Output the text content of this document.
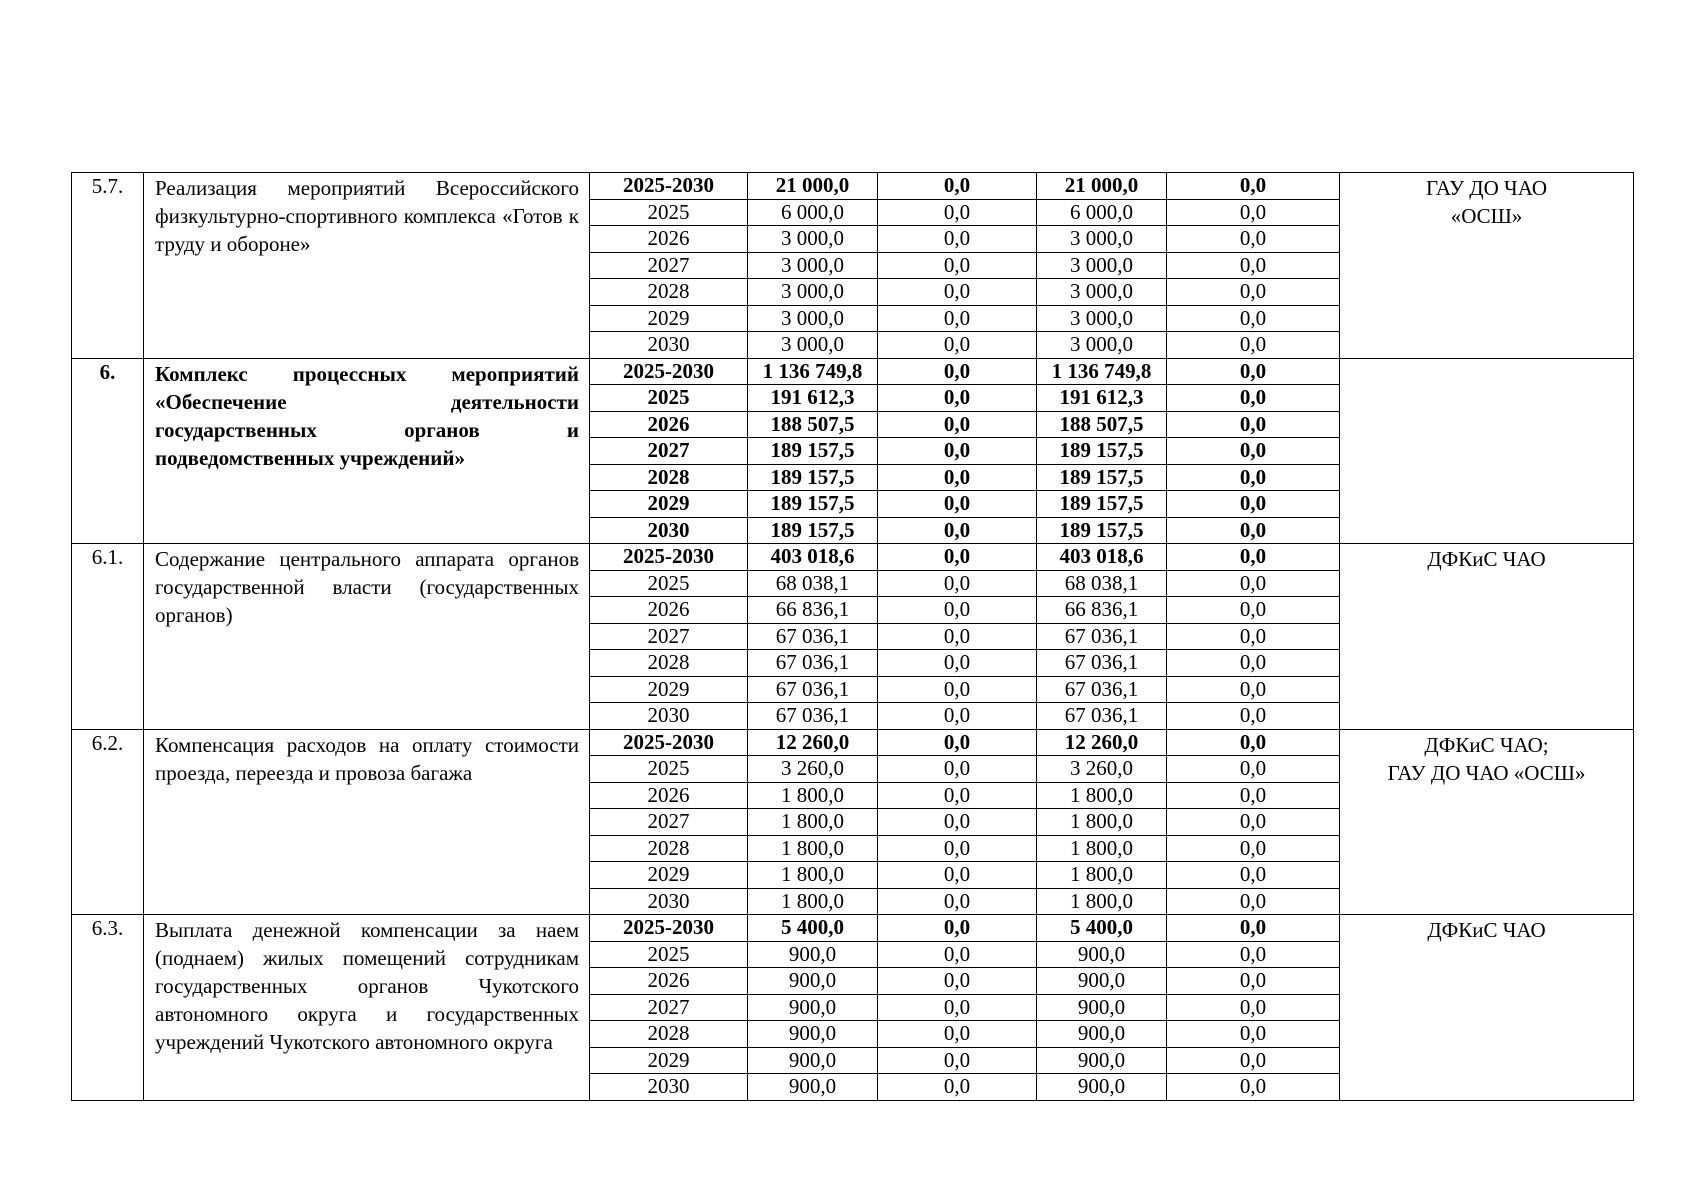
5.7.	Реализация мероприятий Всероссийского физкультурно-спортивного комплекса «Готов к труду и обороне»	2025-2030	21 000,0	0,0	21 000,0	0,0	ГАУ ДО ЧАО
«ОСШ»

		2025	6 000,0	0,0	6 000,0	0,0	
		2026	3 000,0	0,0	3 000,0	0,0	
		2027	3 000,0	0,0	3 000,0	0,0	
		2028	3 000,0	0,0	3 000,0	0,0	
		2029	3 000,0	0,0	3 000,0	0,0	
		2030	3 000,0	0,0	3 000,0	0,0	
6.	Комплекс процессных мероприятий «Обеспечение деятельности государственных органов и подведомственных учреждений»	2025-2030	1 136 749,8	0,0	1 136 749,8	0,0	
		2025	191 612,3	0,0	191 612,3	0,0	
		2026	188 507,5	0,0	188 507,5	0,0	
		2027	189 157,5	0,0	189 157,5	0,0	
		2028	189 157,5	0,0	189 157,5	0,0	
		2029	189 157,5	0,0	189 157,5	0,0	
		2030	189 157,5	0,0	189 157,5	0,0	
6.1.	Содержание центрального аппарата органов государственной власти (государственных органов)	2025-2030	403 018,6	0,0	403 018,6	0,0	ДФКиС ЧАО

		2025	68 038,1	0,0	68 038,1	0,0	
		2026	66 836,1	0,0	66 836,1	0,0	
		2027	67 036,1	0,0	67 036,1	0,0	
		2028	67 036,1	0,0	67 036,1	0,0	
		2029	67 036,1	0,0	67 036,1	0,0	
		2030	67 036,1	0,0	67 036,1	0,0	
6.2.	Компенсация расходов на оплату стоимости проезда, переезда и провоза багажа	2025-2030	12 260,0	0,0	12 260,0	0,0	ДФКиС ЧАО;
ГАУ ДО ЧАО «ОСШ»

		2025	3 260,0	0,0	3 260,0	0,0	
		2026	1 800,0	0,0	1 800,0	0,0	
		2027	1 800,0	0,0	1 800,0	0,0	
		2028	1 800,0	0,0	1 800,0	0,0	
		2029	1 800,0	0,0	1 800,0	0,0	
		2030	1 800,0	0,0	1 800,0	0,0	
6.3.	Выплата денежной компенсации за наем (поднаем) жилых помещений сотрудникам государственных органов Чукотского автономного округа и государственных учреждений Чукотского автономного округа	2025-2030	5 400,0	0,0	5 400,0	0,0	ДФКиС ЧАО

		2025	900,0	0,0	900,0	0,0	
		2026	900,0	0,0	900,0	0,0	
		2027	900,0	0,0	900,0	0,0	
		2028	900,0	0,0	900,0	0,0	
		2029	900,0	0,0	900,0	0,0	
		2030	900,0	0,0	900,0	0,0	
